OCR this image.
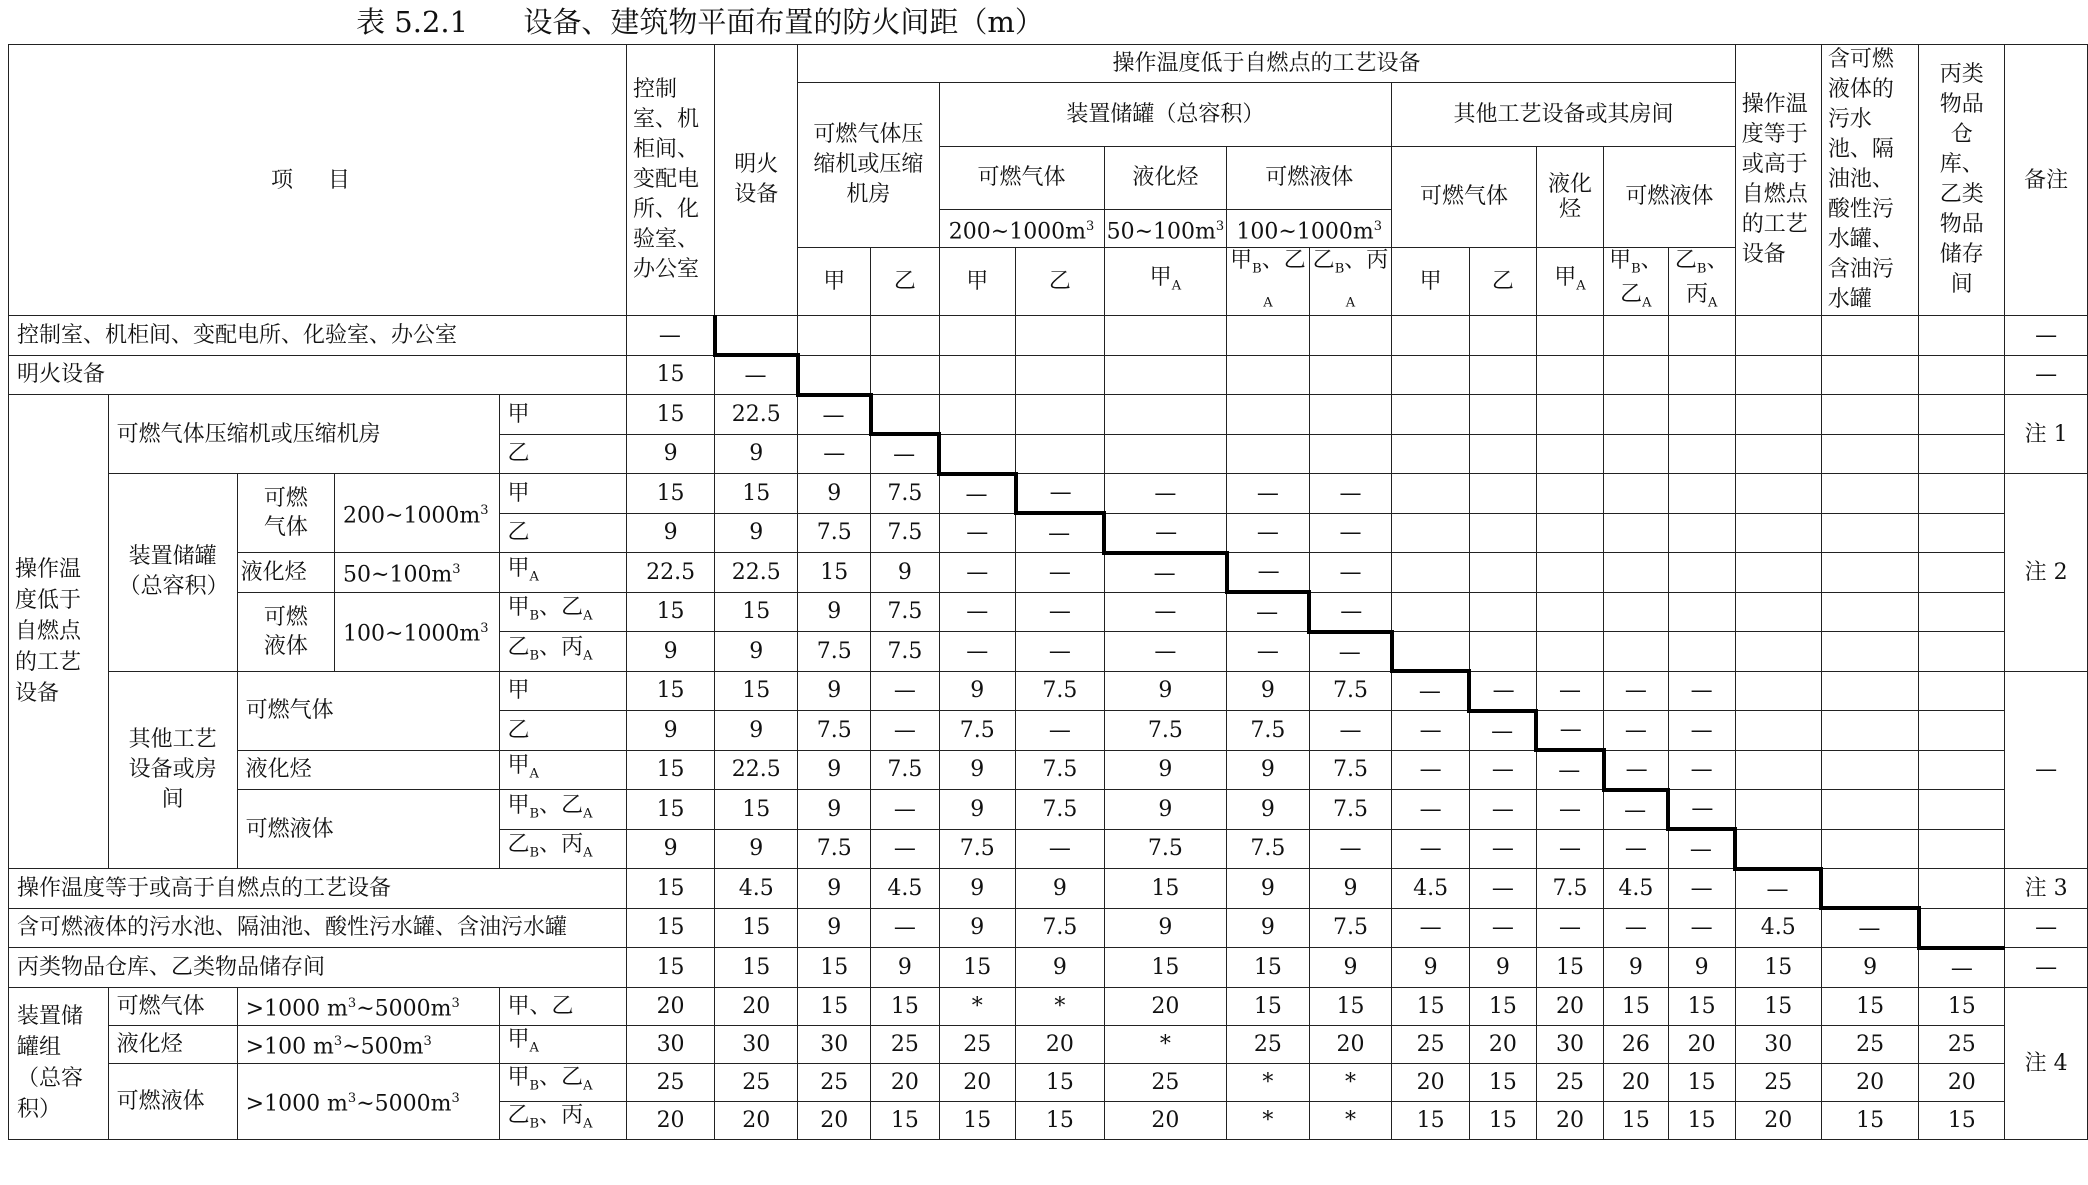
表 5.2.1      设备、建筑物平面布置的防火间距（m）
项 目					控制室、机柜间、变配电所、化验室、办公室	明火设备	操作温度低于自燃点的工艺设备												操作温度等于或高于自燃点的工艺设备	含可燃液体的污水池、隔油池、酸性污水罐、含油污水罐	丙类物品仓库、乙类物品储存间	备注
							可燃气体压缩机或压缩机房		装置储罐（总容积）					其他工艺设备或其房间								
									可燃气体		液化烃	可燃液体		可燃气体		液化烃	可燃液体					
									$200\sim 1000m^3$		$50\sim 100m^3$	$100\sim 1000m^3$
							甲	乙	甲	乙	甲$_A$	甲$_B$、乙$_A$	乙$_B$、丙$_A$	甲	乙	甲$_A$	甲$_B$、乙$_A$	乙$_B$、丙$_A$
控制室、机柜间、变配电所、化验室、办公室					—																	—
明火设备					15	—																—
操作温度低于自燃点的工艺设备	可燃气体压缩机或压缩机房			甲	15	22.5	—															注 1
				乙	9	9	—	—														
	装置储罐（总容积）	可燃气体	$200\sim 1000m^3$	甲	15	15	9	7.5	—	—	—	—	—									注 2
				乙	9	9	7.5	7.5	—	—	—	—	—									
		液化烃	$50\sim 100m^3$	甲$_A$	22.5	22.5	15	9	—	—	—	—	—									
		可燃液体	$100\sim 1000m^3$	甲$_B$、乙$_A$	15	15	9	7.5	—	—	—	—	—									
				乙$_B$、丙$_A$	9	9	7.5	7.5	—	—	—	—	—									
	其他工艺设备或房间	可燃气体		甲	15	15	9	—	9	7.5	9	9	7.5	—	—	—	—	—				—
				乙	9	9	7.5	—	7.5	—	7.5	7.5	—	—	—	—	—	—				
		液化烃		甲$_A$	15	22.5	9	7.5	9	7.5	9	9	7.5	—	—	—	—	—				
		可燃液体		甲$_B$、乙$_A$	15	15	9	—	9	7.5	9	9	7.5	—	—	—	—	—				
				乙$_B$、丙$_A$	9	9	7.5	—	7.5	—	7.5	7.5	—	—	—	—	—	—				
操作温度等于或高于自燃点的工艺设备					15	4.5	9	4.5	9	9	15	9	9	4.5	—	7.5	4.5	—	—			注 3
含可燃液体的污水池、隔油池、酸性污水罐、含油污水罐					15	15	9	—	9	7.5	9	9	7.5	—	—	—	—	—	4.5	—		—
丙类物品仓库、乙类物品储存间					15	15	15	9	15	9	15	15	9	9	9	15	9	9	15	9	—	—
装置储罐组（总容积）	可燃气体	>1000 $m^3\sim 5000m^3$		甲、乙	20	20	15	15	*	*	20	15	15	15	15	20	15	15	15	15	15	注 4
	液化烃	>100 $m^3\sim 500m^3$		甲$_A$	30	30	30	25	25	20	*	25	20	25	20	30	26	20	30	25	25	
	可燃液体	>1000 $m^3\sim 5000m^3$		甲$_B$、乙$_A$	25	25	25	20	20	15	25	*	*	20	15	25	20	15	25	20	20	
				乙$_B$、丙$_A$	20	20	20	15	15	15	20	*	*	15	15	20	15	15	20	15	15	
